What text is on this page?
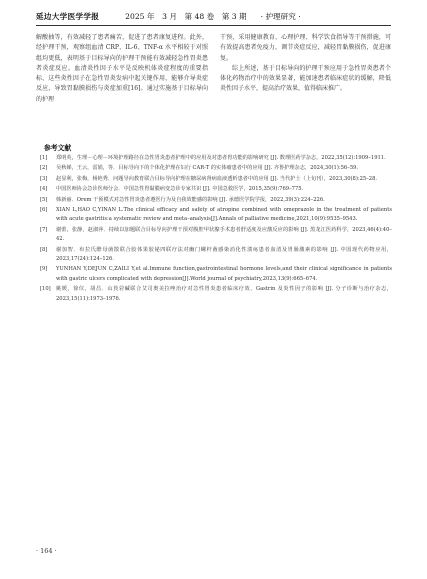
延边大学医学学报	2025 年　3 月　第 48 卷　第 3 期 · 护理研究 ·

解酸抽等，有效减轻了患者痛苦，促进了患者康复进程。此外，经护理干预，观察组血清 CRP、IL-6、TNF-α 水平相较于对照组均更低，表明基于目标导向的护理干预能有效减轻急性胃炎患者炎症反应。血清炎性因子水平是反映机体炎症程度的重要指标，这些炎性因子在急性胃炎发病中起关键作用，能够介导炎症反应，导致胃黏膜损伤与炎症加重[16]。通过实施基于目标导向的护理

干预，采用健康教育、心理护理、科学饮食指导等干预措施，可有效提高患者免疫力，调节炎症反应，减轻胃黏膜损伤，促进康复。

综上所述，基于目标导向的护理干预应用于急性胃炎患者个体化药物治疗中的效果显著，能加速患者临床症状的缓解，降低炎性因子水平，提高治疗效果，值得临床推广。

参考文献
[1]	郑明英，生理－心理－环境护理路径在急性胃炎患者护理中的应用及对患者胃功能的影响研究 [J]. 数理医药学杂志，2022,35(12):1909–1911.
[2]	吴秋娣，王云，雷娟，等．目标导向下的个体化护理在妇行 CAR-T 的实体瘤患者中的应用 [J]. 齐鲁护理杂志，2024,30(1):56–59.
[3]	赵显利，张梅，杨艳秀．问题导向教育联合目标导向护理在糖尿病肾病血液透析患者中的应用 [J]. 当代护士（上旬刊），2023,30(8):25–28.
[4]	中国医师协会急诊医师分会．中国急性胃黏膜病变急诊专家共识 [J]. 中国急救医学，2015,35(9):769–775.
[5]	韩新丽．Orem 干预模式对急性胃炎患者遵医行为及自我效能感的影响 [J]. 承德医学院学报，2022,39(3):224–226.
[6]	XIAN L,HAO C,YINAN L.The clinical efficacy and safety of atropine combined with omeprazole in the treatment of patients with acute gastritis:a systematic review and meta–analysis[J].Annals of palliative medicine,2021,10(9):9535–9543.
[7]	谢蕾，张静，赵淑萍．持续以加题联合目标导向护理干预对腹腔甲状腺手术患者舒适度及应激反应的影响 [J]. 黑龙江医药科学，2023,46(4):40–42.
[8]	谢加智．布拉氏酵母菌散联合胶体果胶铋四联疗法对幽门螺杆菌感染消化性溃疡患者血清及胃肠激素的影响 [J]. 中国现代药物应用，2023,17(24):124–126.
[9]	YUNHAN Y,DEJUN C,ZAILI Y,et al.Immune function,gastrointestinal hormone levels,and their clinical significance in patients with gastric ulcers complicated with depression[J].World journal of psychiatry,2023,13(9):665–674.
[10]	姚媛，徐仪，胡昌．山莨菪碱联合艾司奥美拉唑治疗对急性胃炎患者临床疗效、Gastrin 及炎性因子的影响 [J]. 分子诊断与治疗杂志，2023,15(11):1973–1976.
· 164 ·
